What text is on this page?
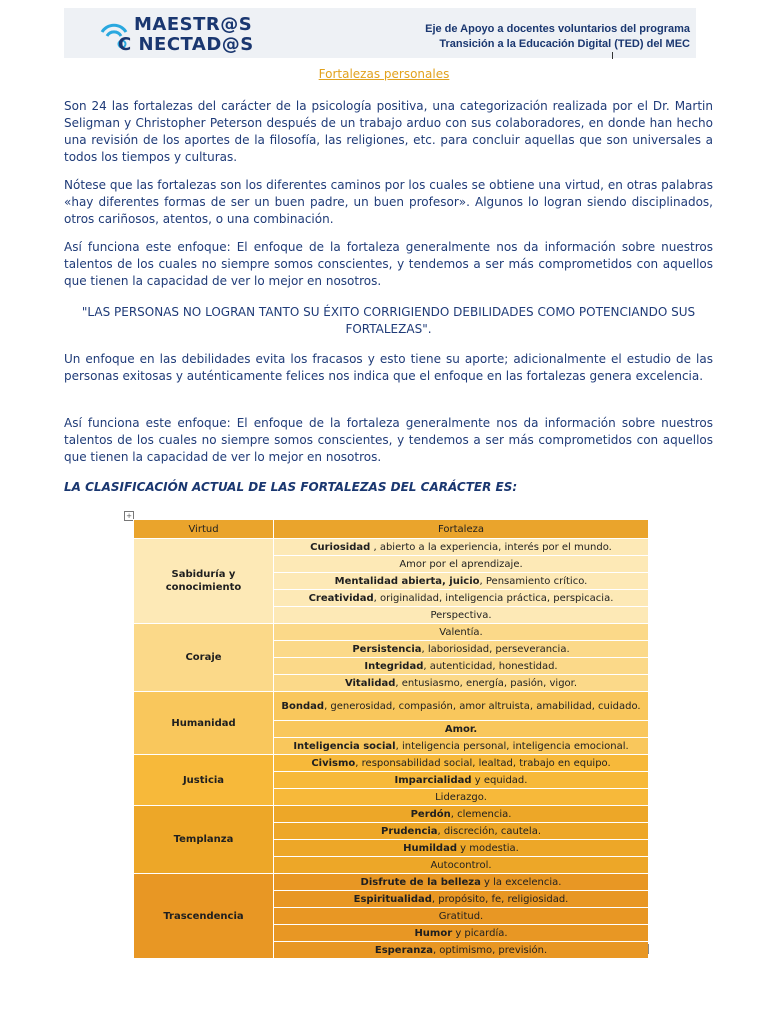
MAESTR@S
C NECTAD@S
Eje de Apoyo a docentes voluntarios del programa
Transición a la Educación Digital (TED) del MEC
Fortalezas personales

Son 24 las fortalezas del carácter de la psicología positiva, una categorización realizada por el Dr. Martin Seligman y Christopher Peterson después de un trabajo arduo con sus colaboradores, en donde han hecho una revisión de los aportes de la filosofía, las religiones, etc. para concluir aquellas que son universales a todos los tiempos y culturas.

Nótese que las fortalezas son los diferentes caminos por los cuales se obtiene una virtud, en otras palabras «hay diferentes formas de ser un buen padre, un buen profesor». Algunos lo logran siendo disciplinados, otros cariñosos, atentos, o una combinación.

Así funciona este enfoque: El enfoque de la fortaleza generalmente nos da información sobre nuestros talentos de los cuales no siempre somos conscientes, y tendemos a ser más comprometidos con aquellos que tienen la capacidad de ver lo mejor en nosotros.

"LAS PERSONAS NO LOGRAN TANTO SU ÉXITO CORRIGIENDO DEBILIDADES COMO POTENCIANDO SUS FORTALEZAS".

Un enfoque en las debilidades evita los fracasos y esto tiene su aporte; adicionalmente el estudio de las personas exitosas y auténticamente felices nos indica que el enfoque en las fortalezas genera excelencia.

Así funciona este enfoque: El enfoque de la fortaleza generalmente nos da información sobre nuestros talentos de los cuales no siempre somos conscientes, y tendemos a ser más comprometidos con aquellos que tienen la capacidad de ver lo mejor en nosotros.

LA CLASIFICACIÓN ACTUAL DE LAS FORTALEZAS DEL CARÁCTER ES:
+
Virtud	Fortaleza
Sabiduría y conocimiento	Curiosidad , abierto a la experiencia, interés por el mundo.
	Amor por el aprendizaje.
	Mentalidad abierta, juicio, Pensamiento crítico.
	Creatividad, originalidad, inteligencia práctica, perspicacia.
	Perspectiva.
Coraje	Valentía.
	Persistencia, laboriosidad, perseverancia.
	Integridad, autenticidad, honestidad.
	Vitalidad, entusiasmo, energía, pasión, vigor.
Humanidad	Bondad, generosidad, compasión, amor altruista, amabilidad, cuidado.
	Amor.
	Inteligencia social, inteligencia personal, inteligencia emocional.
Justicia	Civismo, responsabilidad social, lealtad, trabajo en equipo.
	Imparcialidad y equidad.
	Liderazgo.
Templanza	Perdón, clemencia.
	Prudencia, discreción, cautela.
	Humildad y modestia.
	Autocontrol.
Trascendencia	Disfrute de la belleza y la excelencia.
	Espiritualidad, propósito, fe, religiosidad.
	Gratitud.
	Humor y picardía.
	Esperanza, optimismo, previsión.
